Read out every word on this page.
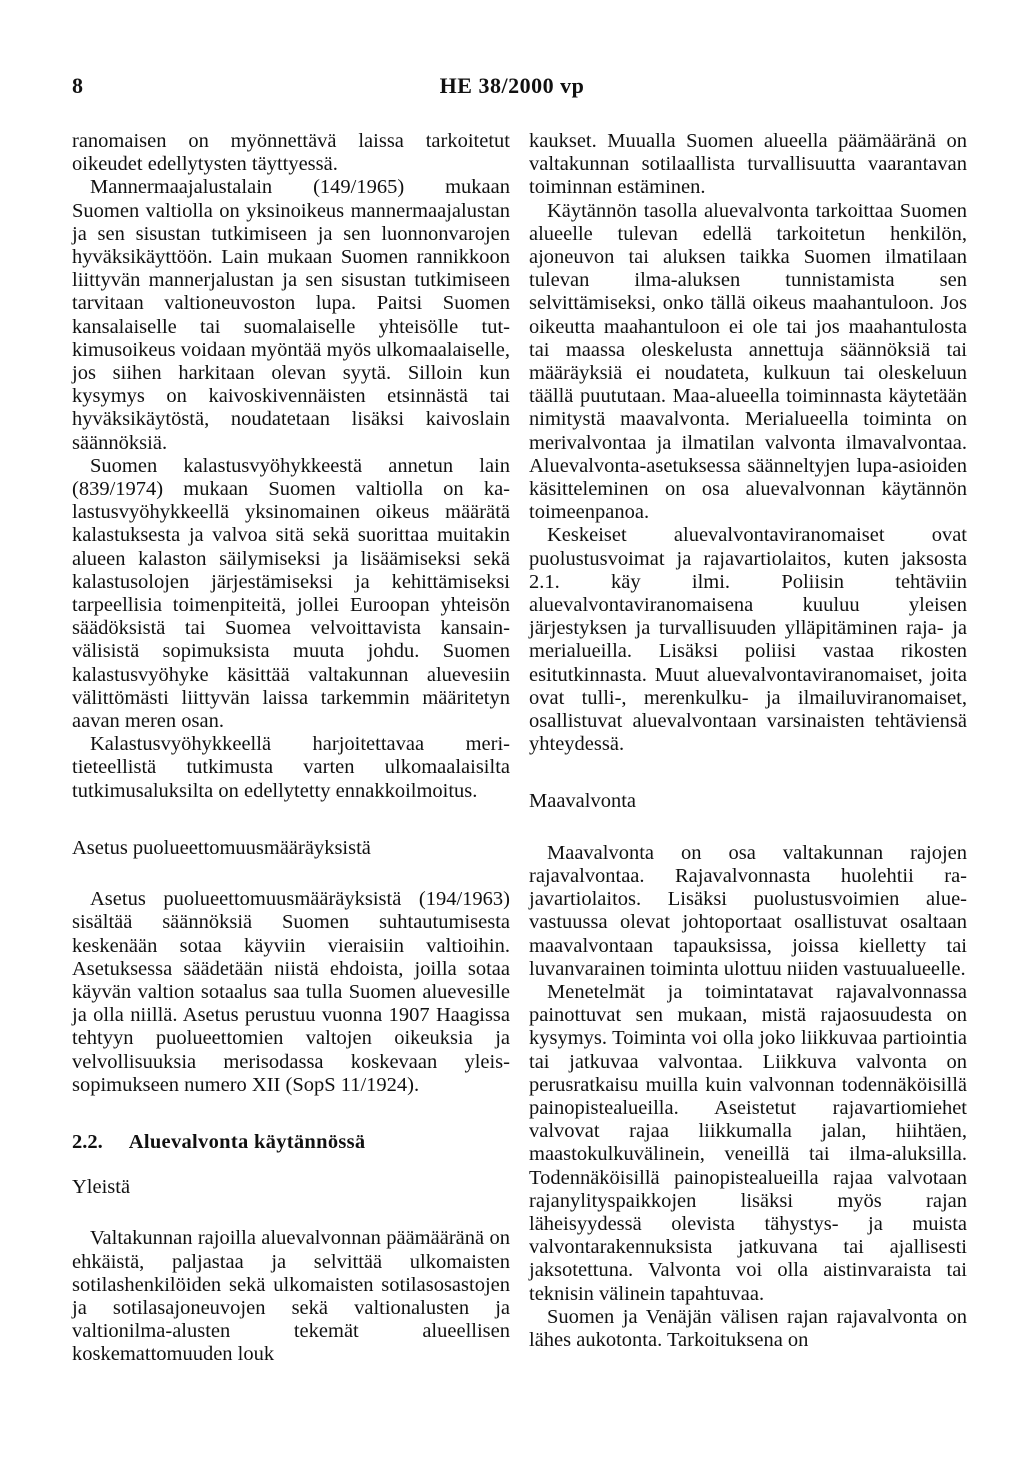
8	HE 38/2000 vp

ranomaisen on myönnettävä laissa tarkoitetut oikeudet edellytysten täyttyessä.

Mannermaajalustalain (149/1965) mukaan Suomen valtiolla on yksinoikeus mannermaajalustan ja sen sisustan tutkimiseen ja sen luonnonvarojen hyväksikäyttöön. Lain mukaan Suomen rannikkoon liittyvän mannerjalustan ja sen sisustan tutkimiseen tarvitaan valtioneuvoston lupa. Paitsi Suomen kansalaiselle tai suomalaiselle yhteisölle tutkimusoikeus voidaan myöntää myös ulkomaalaiselle, jos siihen harkitaan olevan syytä. Silloin kun kysymys on kaivoskivennäisten etsinnästä tai hyväksikäytöstä, noudatetaan lisäksi kaivoslain säännöksiä.

Suomen kalastusvyöhykkeestä annetun lain (839/1974) mukaan Suomen valtiolla on kalastusvyöhykkeellä yksinomainen oikeus määrätä kalastuksesta ja valvoa sitä sekä suorittaa muitakin alueen kalaston säilymiseksi ja lisäämiseksi sekä kalastusolojen järjestämiseksi ja kehittämiseksi tarpeellisia toimenpiteitä, jollei Euroopan yhteisön säädöksistä tai Suomea velvoittavista kansainvälisistä sopimuksista muuta johdu. Suomen kalastusvyöhyke käsittää valtakunnan aluevesiin välittömästi liittyvän laissa tarkemmin määritetyn aavan meren osan.

Kalastusvyöhykkeellä harjoitettavaa meritieteellistä tutkimusta varten ulkomaalaisilta tutkimusaluksilta on edellytetty ennakkoilmoitus.

Asetus puolueettomuusmääräyksistä

Asetus puolueettomuusmääräyksistä (194/1963) sisältää säännöksiä Suomen suhtautumisesta keskenään sotaa käyviin vieraisiin valtioihin. Asetuksessa säädetään niistä ehdoista, joilla sotaa käyvän valtion sotaalus saa tulla Suomen aluevesille ja olla niillä. Asetus perustuu vuonna 1907 Haagissa tehtyyn puolueettomien valtojen oikeuksia ja velvollisuuksia merisodassa koskevaan yleissopimukseen numero XII (SopS 11/1924).

2.2. Aluevalvonta käytännössä
Yleistä

Valtakunnan rajoilla aluevalvonnan päämääränä on ehkäistä, paljastaa ja selvittää ulkomaisten sotilashenkilöiden sekä ulkomaisten sotilasosastojen ja sotilasajoneuvojen sekä valtionalusten ja valtionilma-alusten tekemät alueellisen koskemattomuuden louk

kaukset. Muualla Suomen alueella päämääränä on valtakunnan sotilaallista turvallisuutta vaarantavan toiminnan estäminen.

Käytännön tasolla aluevalvonta tarkoittaa Suomen alueelle tulevan edellä tarkoitetun henkilön, ajoneuvon tai aluksen taikka Suomen ilmatilaan tulevan ilma-aluksen tunnistamista sen selvittämiseksi, onko tällä oikeus maahantuloon. Jos oikeutta maahantuloon ei ole tai jos maahantulosta tai maassa oleskelusta annettuja säännöksiä tai määräyksiä ei noudateta, kulkuun tai oleskeluun täällä puututaan. Maa-alueella toiminnasta käytetään nimitystä maavalvonta. Merialueella toiminta on merivalvontaa ja ilmatilan valvonta ilmavalvontaa. Aluevalvonta-asetuksessa säänneltyjen lupa-asioiden käsitteleminen on osa aluevalvonnan käytännön toimeenpanoa.

Keskeiset aluevalvontaviranomaiset ovat puolustusvoimat ja rajavartiolaitos, kuten jaksosta 2.1. käy ilmi. Poliisin tehtäviin aluevalvontaviranomaisena kuuluu yleisen järjestyksen ja turvallisuuden ylläpitäminen raja- ja merialueilla. Lisäksi poliisi vastaa rikosten esitutkinnasta. Muut aluevalvontaviranomaiset, joita ovat tulli-, merenkulku- ja ilmailuviranomaiset, osallistuvat aluevalvontaan varsinaisten tehtäviensä yhteydessä.

Maavalvonta

Maavalvonta on osa valtakunnan rajojen rajavalvontaa. Rajavalvonnasta huolehtii rajavartiolaitos. Lisäksi puolustusvoimien aluevastuussa olevat johtoportaat osallistuvat osaltaan maavalvontaan tapauksissa, joissa kielletty tai luvanvarainen toiminta ulottuu niiden vastuualueelle.

Menetelmät ja toimintatavat rajavalvonnassa painottuvat sen mukaan, mistä rajaosuudesta on kysymys. Toiminta voi olla joko liikkuvaa partiointia tai jatkuvaa valvontaa. Liikkuva valvonta on perusratkaisu muilla kuin valvonnan todennäköisillä painopistealueilla. Aseistetut rajavartiomiehet valvovat rajaa liikkumalla jalan, hiihtäen, maastokulkuvälinein, veneillä tai ilma-aluksilla. Todennäköisillä painopistealueilla rajaa valvotaan rajanylityspaikkojen lisäksi myös rajan läheisyydessä olevista tähystys- ja muista valvontarakennuksista jatkuvana tai ajallisesti jaksotettuna. Valvonta voi olla aistinvaraista tai teknisin välinein tapahtuvaa.

Suomen ja Venäjän välisen rajan rajavalvonta on lähes aukotonta. Tarkoituksena on
